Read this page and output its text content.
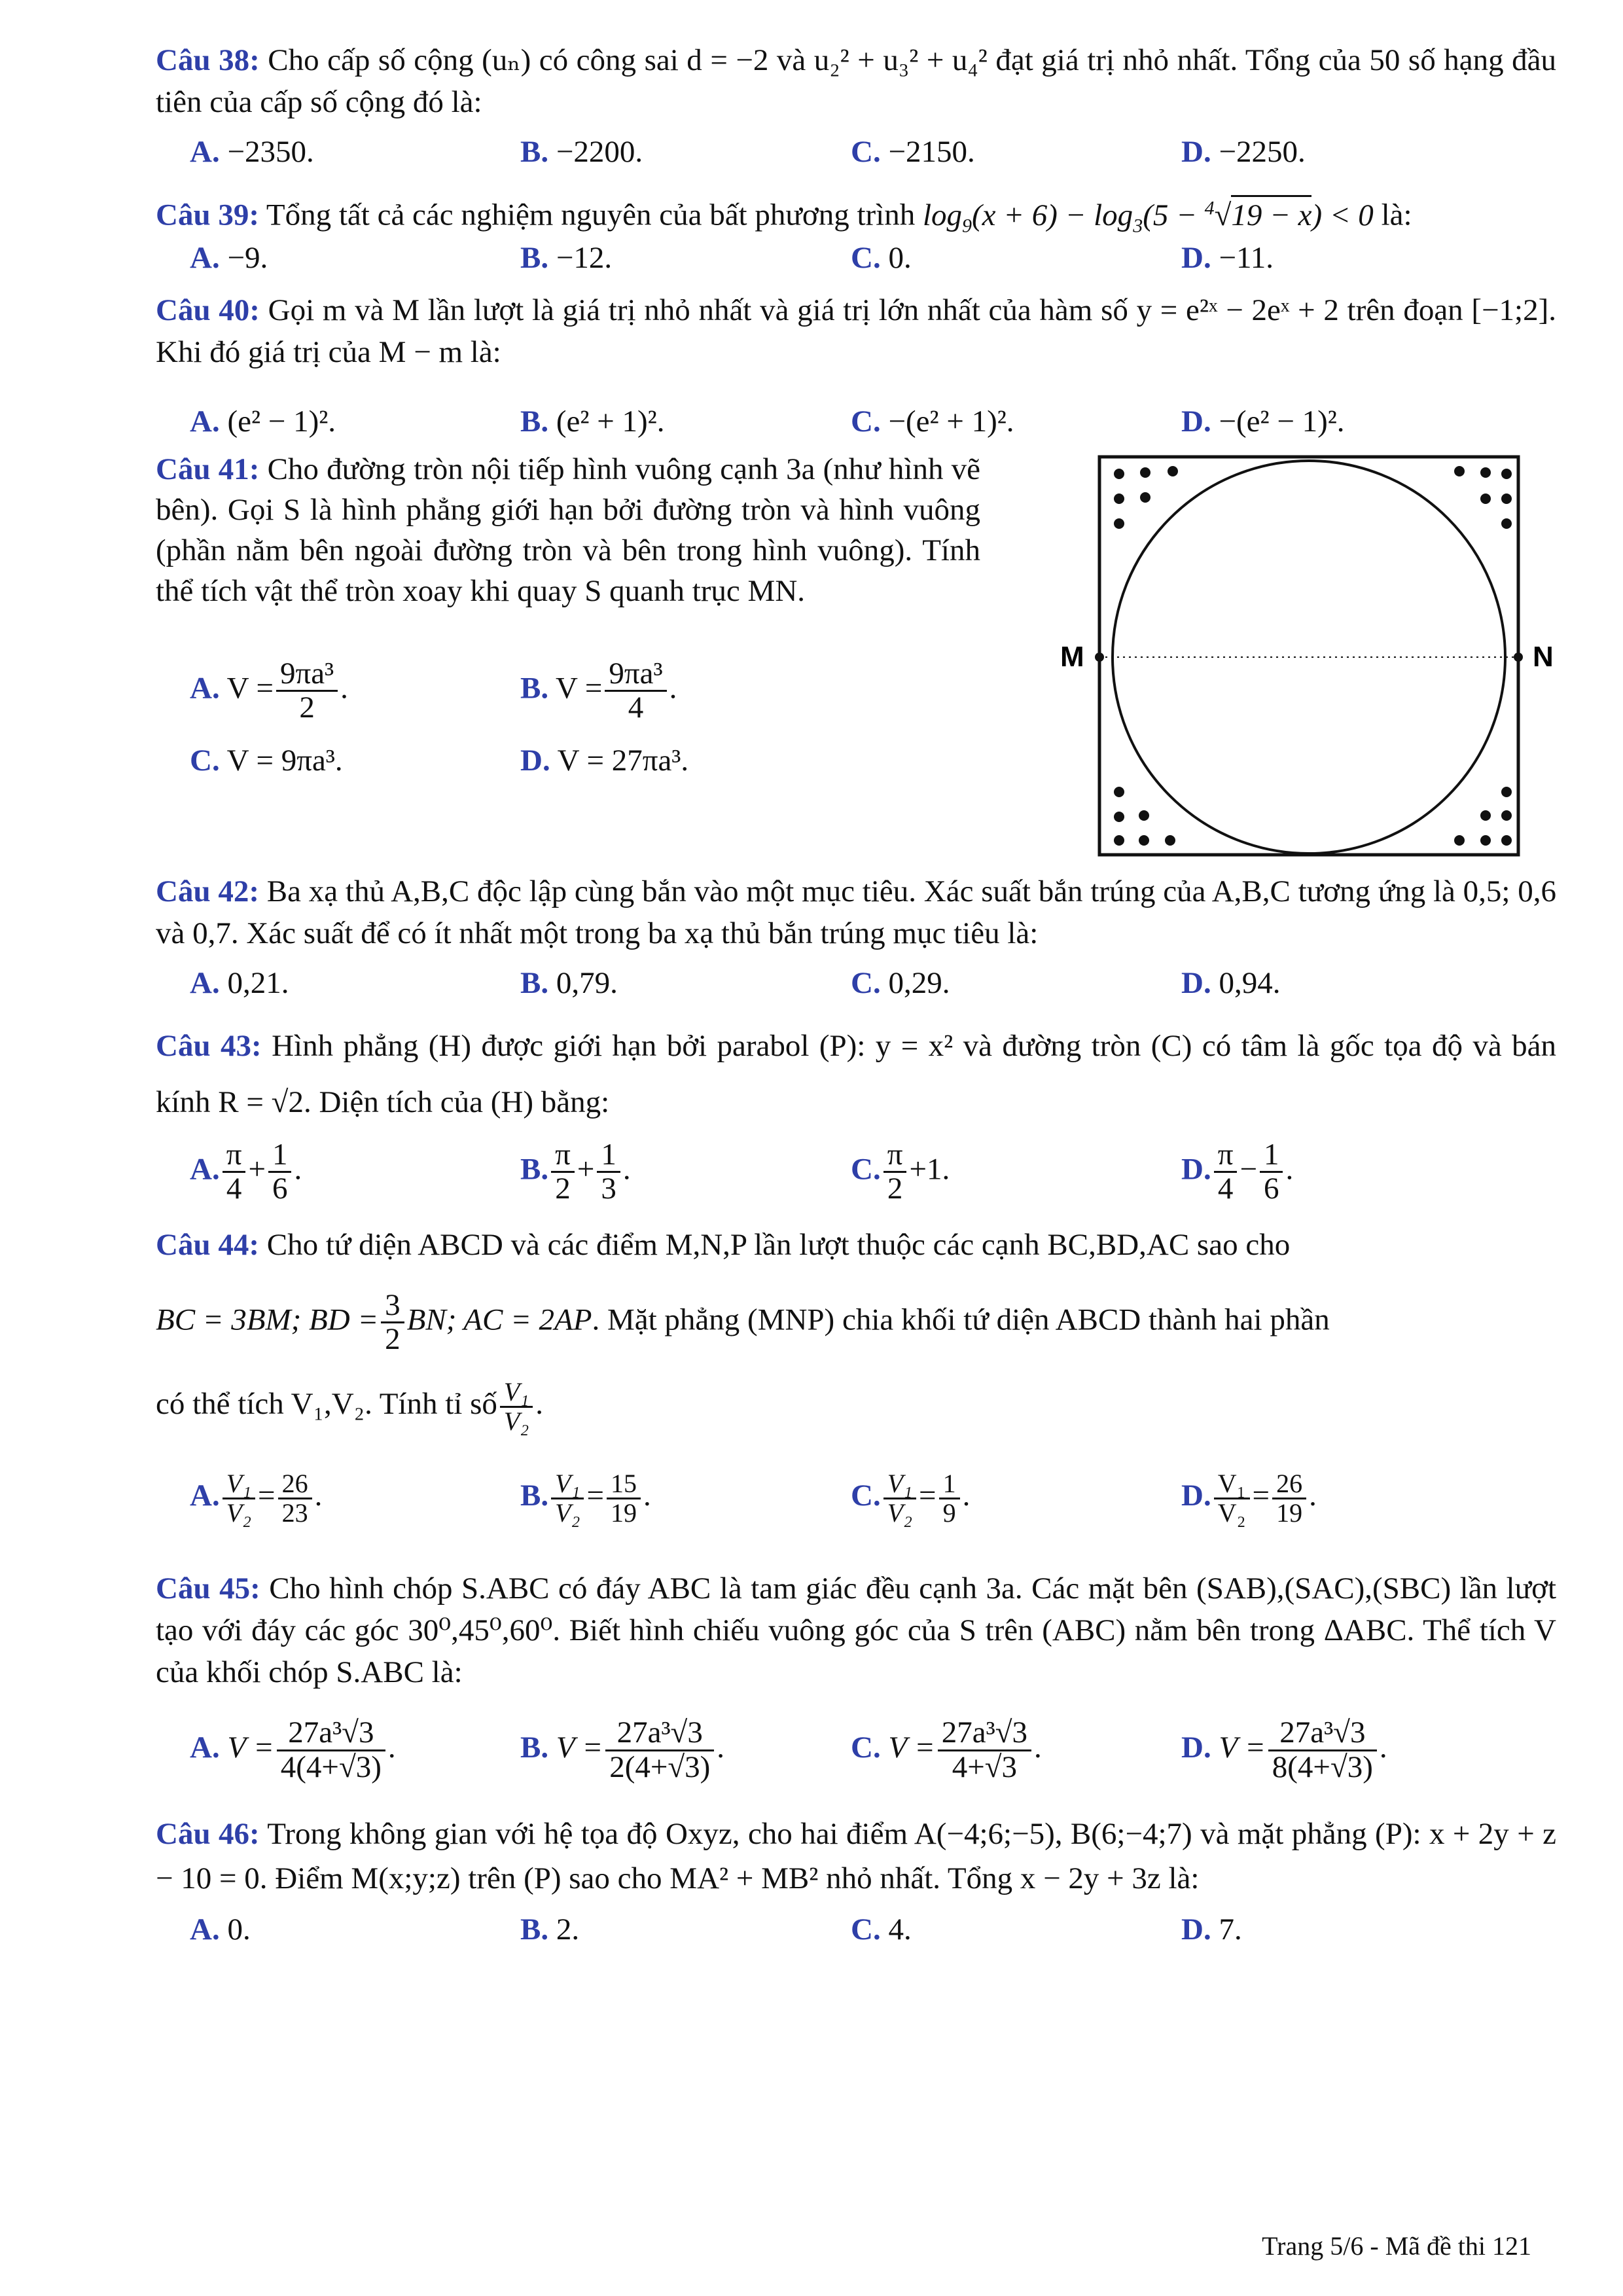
Câu 38: Cho cấp số cộng (uₙ) có công sai d = −2 và u₂² + u₃² + u₄² đạt giá trị nhỏ nhất. Tổng của 50 số hạng đầu tiên của cấp số cộng đó là:
A. −2350.	B. −2200.	C. −2150.	D. −2250.
Câu 39: Tổng tất cả các nghiệm nguyên của bất phương trình $\log_9(x + 6) - \log_3(5 - ^4√19 - x) < 0$ là:
A. −9.	B. −12.	C. 0.	D. −11.
Câu 40: Gọi m và M lần lượt là giá trị nhỏ nhất và giá trị lớn nhất của hàm số y = e²ˣ − 2eˣ + 2 trên đoạn [−1;2]. Khi đó giá trị của M − m là:
A. (e² − 1)².	B. (e² + 1)².	C. −(e² + 1)².	D. −(e² − 1)².
Câu 41: Cho đường tròn nội tiếp hình vuông cạnh 3a (như hình vẽ bên). Gọi S là hình phẳng giới hạn bởi đường tròn và hình vuông (phần nằm bên ngoài đường tròn và bên trong hình vuông). Tính thể tích vật thể tròn xoay khi quay S quanh trục MN.
A. $V = \frac{\text{9πa³}}{2}$ .	B. $V = \frac{\text{9πa³}}{4}$ .
C. V = 9πa³.	D. V = 27πa³.
M	N
Câu 42: Ba xạ thủ A,B,C độc lập cùng bắn vào một mục tiêu. Xác suất bắn trúng của A,B,C tương ứng là 0,5; 0,6 và 0,7. Xác suất để có ít nhất một trong ba xạ thủ bắn trúng mục tiêu là:
A. 0,21.	B. 0,79.	C. 0,29.	D. 0,94.
Câu 43: Hình phẳng (H) được giới hạn bởi parabol (P): y = x² và đường tròn (C) có tâm là gốc tọa độ và bán kính R = √2. Diện tích của (H) bằng:
A. $\frac{\pi}{4} + \frac{1}{6}$ .	B. $\frac{\pi}{2} + \frac{1}{3}$ .	C. $\frac{\pi}{2} +1$.	D. $\frac{\pi}{4} - \frac{1}{6}$ .
Câu 44: Cho tứ diện ABCD và các điểm M,N,P lần lượt thuộc các cạnh BC,BD,AC sao cho
BC = 3BM; BD = $\frac{3}{2}$ BN; AC = 2AP. Mặt phẳng (MNP) chia khối tứ diện ABCD thành hai phần
có thể tích V₁,V₂. Tính tỉ số $\frac{\text{V₁}}{\text{V₂}}$ .
A. $\frac{\text{V₁}}{\text{V₂}} = \frac{26}{23}$ .	B. $\frac{\text{V₁}}{\text{V₂}} = \frac{15}{19}$ .	C. $\frac{\text{V₁}}{\text{V₂}} = \frac{1}{9}$ .	D. $\frac{\text{V₁}}{\text{V₂}} = \frac{26}{19}$ .
Câu 45: Cho hình chóp S.ABC có đáy ABC là tam giác đều cạnh 3a. Các mặt bên (SAB),(SAC),(SBC) lần lượt tạo với đáy các góc 30⁰,45⁰,60⁰. Biết hình chiếu vuông góc của S trên (ABC) nằm bên trong ΔABC. Thể tích V của khối chóp S.ABC là:
A. $V = \frac{\text{27a³√3}}{4(4+√3)}$ .	B. $V = \frac{\text{27a³√3}}{2(4+√3)}$ .	C. $V = \frac{\text{27a³√3}}{4+√3}$ .	D. $V = \frac{\text{27a³√3}}{8(4+√3)}$ .
Câu 46: Trong không gian với hệ tọa độ Oxyz, cho hai điểm A(−4;6;−5), B(6;−4;7) và mặt phẳng (P): x + 2y + z − 10 = 0. Điểm M(x;y;z) trên (P) sao cho MA² + MB² nhỏ nhất. Tổng x − 2y + 3z là:
A. 0.	B. 2.	C. 4.	D. 7.
Trang 5/6 - Mã đề thi 121
